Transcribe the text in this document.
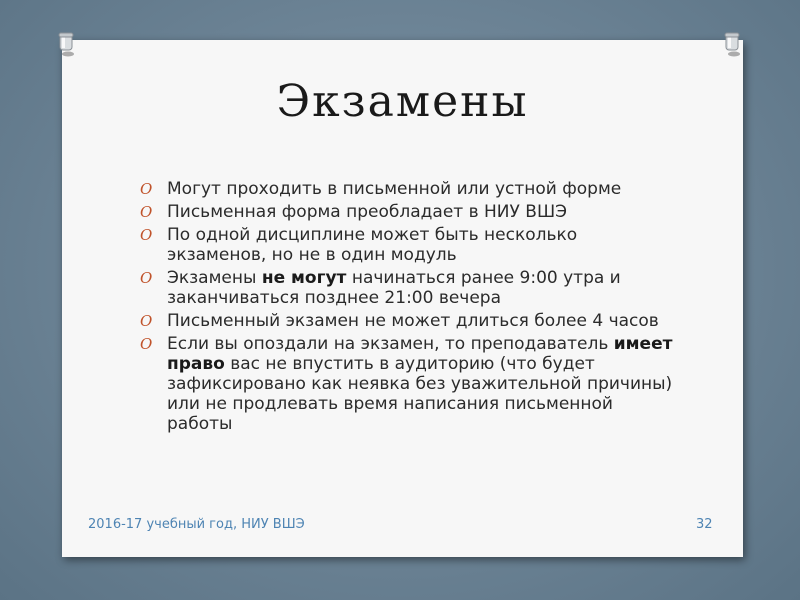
Экзамены
O Могут проходить в письменной или устной форме
O Письменная форма преобладает в НИУ ВШЭ
O По одной дисциплине может быть несколько экзаменов, но не в один модуль
O Экзамены не могут начинаться ранее 9:00 утра и заканчиваться позднее 21:00 вечера
O Письменный экзамен не может длиться более 4 часов
O Если вы опоздали на экзамен, то преподаватель имеет право вас не впустить в аудиторию (что будет зафиксировано как неявка без уважительной причины) или не продлевать время написания письменной работы
2016-17 учебный год, НИУ ВШЭ	32
